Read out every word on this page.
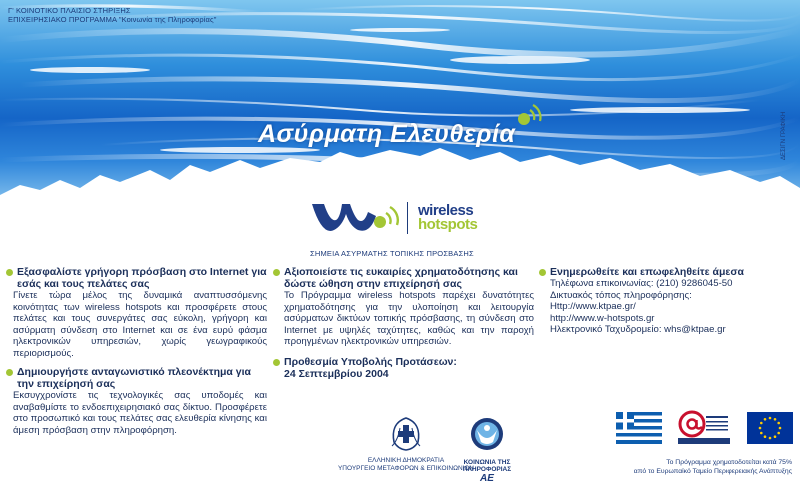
Γ' ΚΟΙΝΟΤΙΚΟ ΠΛΑΙΣΙΟ ΣΤΗΡΙΞΗΣ
ΕΠΙΧΕΙΡΗΣΙΑΚΟ ΠΡΟΓΡΑΜΜΑ "Κοινωνία της Πληροφορίας"
Ασύρματη Ελευθερία	ΔΕΣΙΓΝ ΓΡΑΦΙΚΗ
wireless
hotspots
ΣΗΜΕΙΑ ΑΣΥΡΜΑΤΗΣ ΤΟΠΙΚΗΣ ΠΡΟΣΒΑΣΗΣ
Εξασφαλίστε γρήγορη πρόσβαση στο Internet για εσάς και τους πελάτες σας

Γίνετε τώρα μέλος της δυναμικά αναπτυσσόμενης κοινότητας των wireless hotspots και προσφέρετε στους πελάτες και τους συνεργάτες σας εύκολη, γρήγορη και ασύρματη σύνδεση στο Internet και σε ένα ευρύ φάσμα ηλεκτρονικών υπηρεσιών, χωρίς γεωγραφικούς περιορισμούς.

Δημιουργήστε ανταγωνιστικό πλεονέκτημα για την επιχείρησή σας

Εκσυγχρονίστε τις τεχνολογικές σας υποδομές και αναβαθμίστε το ενδοεπιχειρησιακό σας δίκτυο. Προσφέρετε στο προσωπικό και τους πελάτες σας ελευθερία κίνησης και άμεση πρόσβαση στην πληροφόρηση.

Αξιοποιείστε τις ευκαιρίες χρηματοδότησης και δώστε ώθηση στην επιχείρησή σας

Το Πρόγραμμα wireless hotspots παρέχει δυνατότητες χρηματοδότησης για την υλοποίηση και λειτουργία ασύρματων δικτύων τοπικής πρόσβασης, τη σύνδεση στο Internet με υψηλές ταχύτητες, καθώς και την παροχή προηγμένων ηλεκτρονικών υπηρεσιών.

Προθεσμία Υποβολής Προτάσεων:

24 Σεπτεμβρίου 2004

Ενημερωθείτε και επωφεληθείτε άμεσα

Τηλέφωνα επικοινωνίας: (210) 9286045-50

Δικτυακός τόπος πληροφόρησης:

Http://www.ktpae.gr/

http://www.w-hotspots.gr

Ηλεκτρονικό Ταχυδρομείο: whs@ktpae.gr

ΕΛΛΗΝΙΚΗ ΔΗΜΟΚΡΑΤΙΑ
ΥΠΟΥΡΓΕΙΟ ΜΕΤΑΦΟΡΩΝ & ΕΠΙΚΟΙΝΩΝΙΩΝ
ΚΟΙΝΩΝΙΑ ΤΗΣ
ΠΛΗΡΟΦΟΡΙΑΣ ΑΕ
Το Πρόγραμμα χρηματοδοτείται κατά 75%
από το Ευρωπαϊκό Ταμείο Περιφερειακής Ανάπτυξης
